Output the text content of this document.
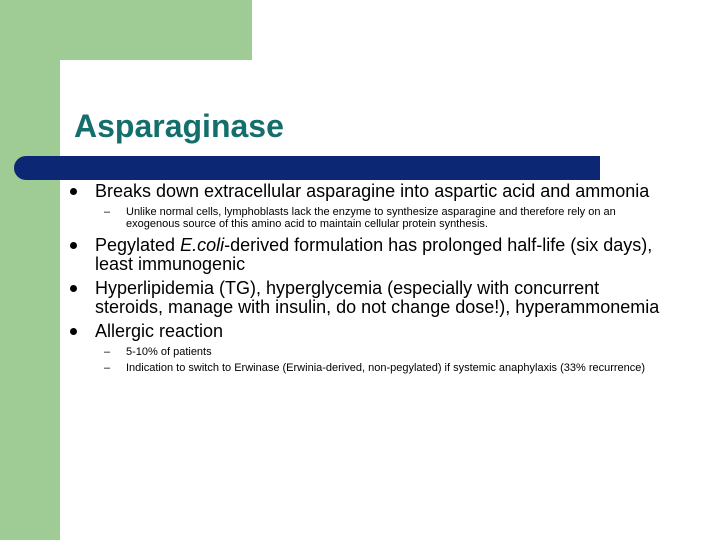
Asparaginase
Breaks down extracellular asparagine into aspartic acid and ammonia
– Unlike normal cells, lymphoblasts lack the enzyme to synthesize asparagine and therefore rely on an exogenous source of this amino acid to maintain cellular protein synthesis.
Pegylated E.coli-derived formulation has prolonged half-life (six days), least immunogenic
Hyperlipidemia (TG), hyperglycemia (especially with concurrent steroids, manage with insulin, do not change dose!), hyperammonemia
Allergic reaction
– 5-10% of patients
– Indication to switch to Erwinase (Erwinia-derived, non-pegylated) if systemic anaphylaxis (33% recurrence)
